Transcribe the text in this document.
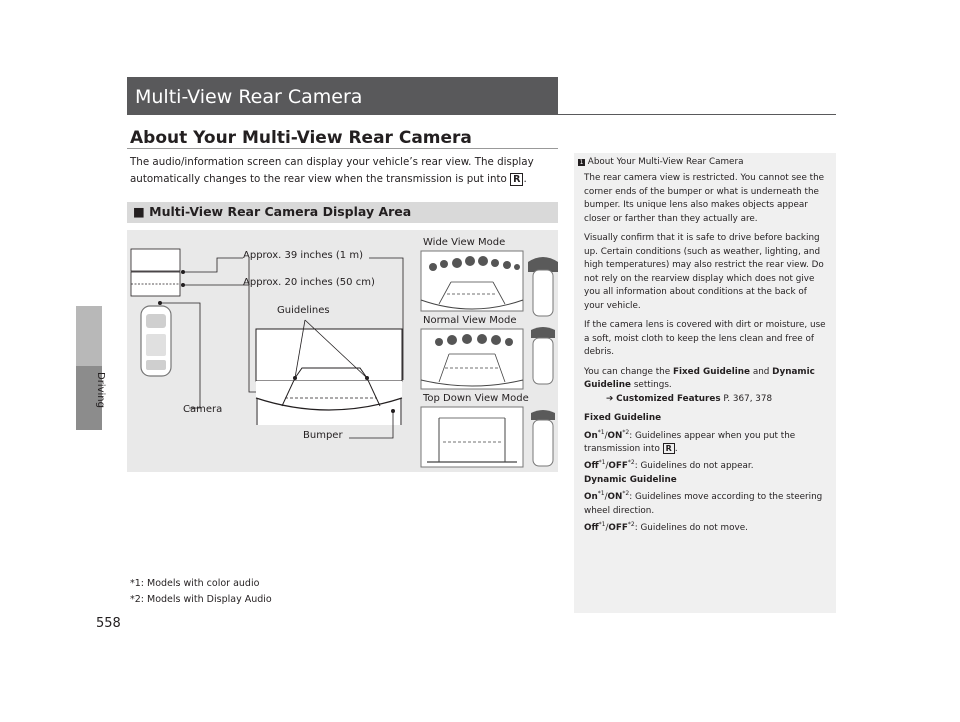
Driving
Multi-View Rear Camera
About Your Multi-View Rear Camera
The audio/information screen can display your vehicle’s rear view. The display
automatically changes to the rear view when the transmission is put into R .
■ Multi-View Rear Camera Display Area
Approx. 39 inches (1 m)
Approx. 20 inches (50 cm)
Guidelines
Camera
Bumper
Wide View Mode
Normal View Mode
Top Down View Mode
*1: Models with color audio
*2: Models with Display Audio
558
1 About Your Multi-View Rear Camera

The rear camera view is restricted. You cannot see the corner ends of the bumper or what is underneath the bumper. Its unique lens also makes objects appear closer or farther than they actually are.

Visually confirm that it is safe to drive before backing up. Certain conditions (such as weather, lighting, and high temperatures) may also restrict the rear view. Do not rely on the rearview display which does not give you all information about conditions at the back of your vehicle.

If the camera lens is covered with dirt or moisture, use a soft, moist cloth to keep the lens clean and free of debris.

You can change the Fixed Guideline and Dynamic Guideline settings.

➔ Customized Features P. 367, 378

Fixed Guideline

On$^{*1}$/ON$^{*2}$: Guidelines appear when you put the transmission into R .

Off$^{*1}$/OFF$^{*2}$: Guidelines do not appear.

Dynamic Guideline

On$^{*1}$/ON$^{*2}$: Guidelines move according to the steering wheel direction.

Off$^{*1}$/OFF$^{*2}$: Guidelines do not move.
